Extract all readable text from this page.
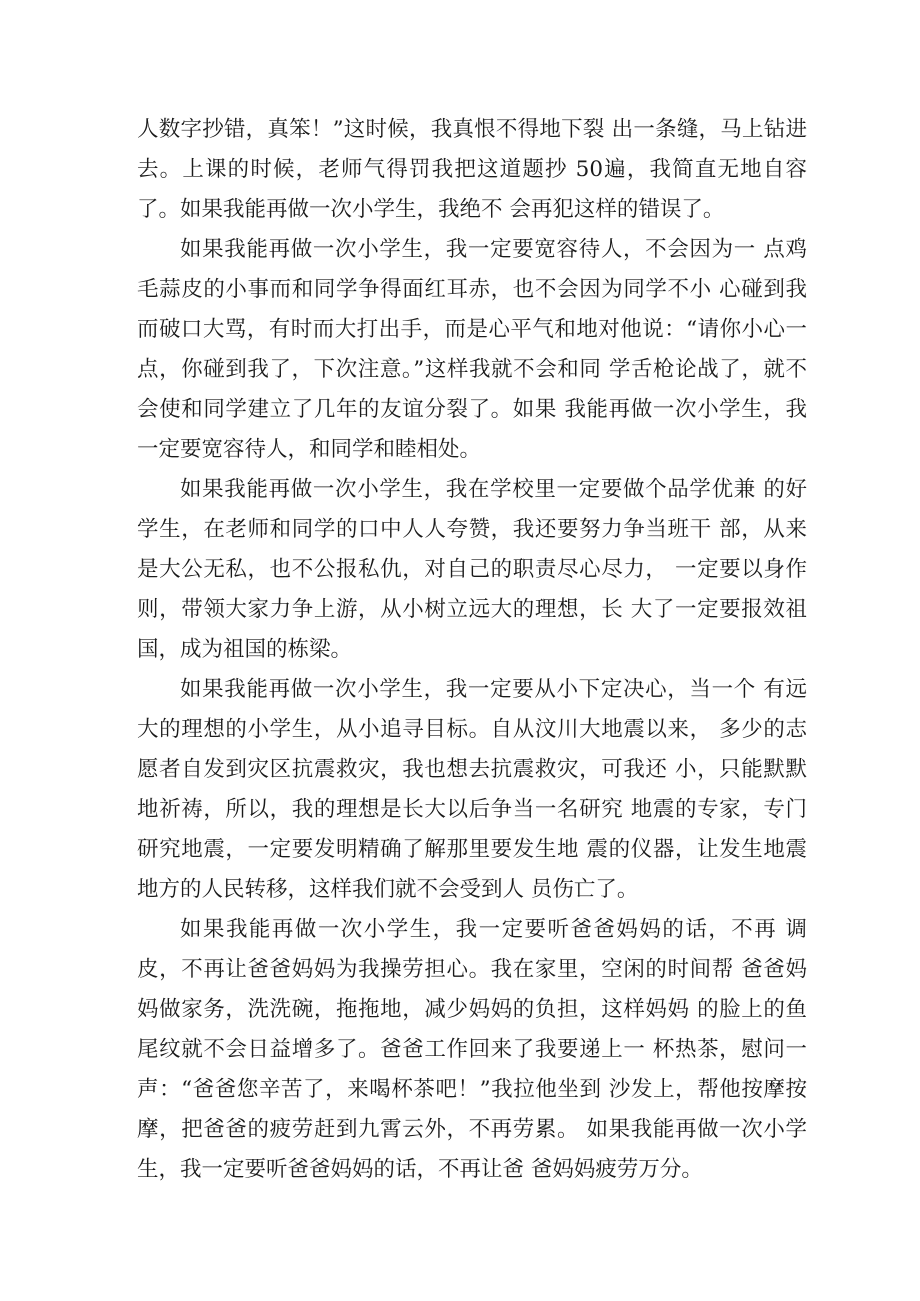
人数字抄错，真笨！”这时候，我真恨不得地下裂 出一条缝，马上钻进去。上课的时候，老师气得罚我把这道题抄 50遍，我简直无地自容了。如果我能再做一次小学生，我绝不 会再犯这样的错误了。

如果我能再做一次小学生，我一定要宽容待人，不会因为一 点鸡毛蒜皮的小事而和同学争得面红耳赤，也不会因为同学不小 心碰到我而破口大骂，有时而大打出手，而是心平气和地对他说：“请你小心一点，你碰到我了，下次注意。”这样我就不会和同 学舌枪论战了，就不会使和同学建立了几年的友谊分裂了。如果 我能再做一次小学生，我一定要宽容待人，和同学和睦相处。

如果我能再做一次小学生，我在学校里一定要做个品学优兼 的好学生，在老师和同学的口中人人夸赞，我还要努力争当班干 部，从来是大公无私，也不公报私仇，对自己的职责尽心尽力， 一定要以身作则，带领大家力争上游，从小树立远大的理想，长 大了一定要报效祖国，成为祖国的栋梁。

如果我能再做一次小学生，我一定要从小下定决心，当一个 有远大的理想的小学生，从小追寻目标。自从汶川大地震以来， 多少的志愿者自发到灾区抗震救灾，我也想去抗震救灾，可我还 小，只能默默地祈祷，所以，我的理想是长大以后争当一名研究 地震的专家，专门研究地震，一定要发明精确了解那里要发生地 震的仪器，让发生地震地方的人民转移，这样我们就不会受到人 员伤亡了。

如果我能再做一次小学生，我一定要听爸爸妈妈的话，不再 调皮，不再让爸爸妈妈为我操劳担心。我在家里，空闲的时间帮 爸爸妈妈做家务，洗洗碗，拖拖地，减少妈妈的负担，这样妈妈 的脸上的鱼尾纹就不会日益增多了。爸爸工作回来了我要递上一 杯热茶，慰问一声：“爸爸您辛苦了，来喝杯茶吧！”我拉他坐到 沙发上，帮他按摩按摩，把爸爸的疲劳赶到九霄云外，不再劳累。 如果我能再做一次小学生，我一定要听爸爸妈妈的话，不再让爸 爸妈妈疲劳万分。
